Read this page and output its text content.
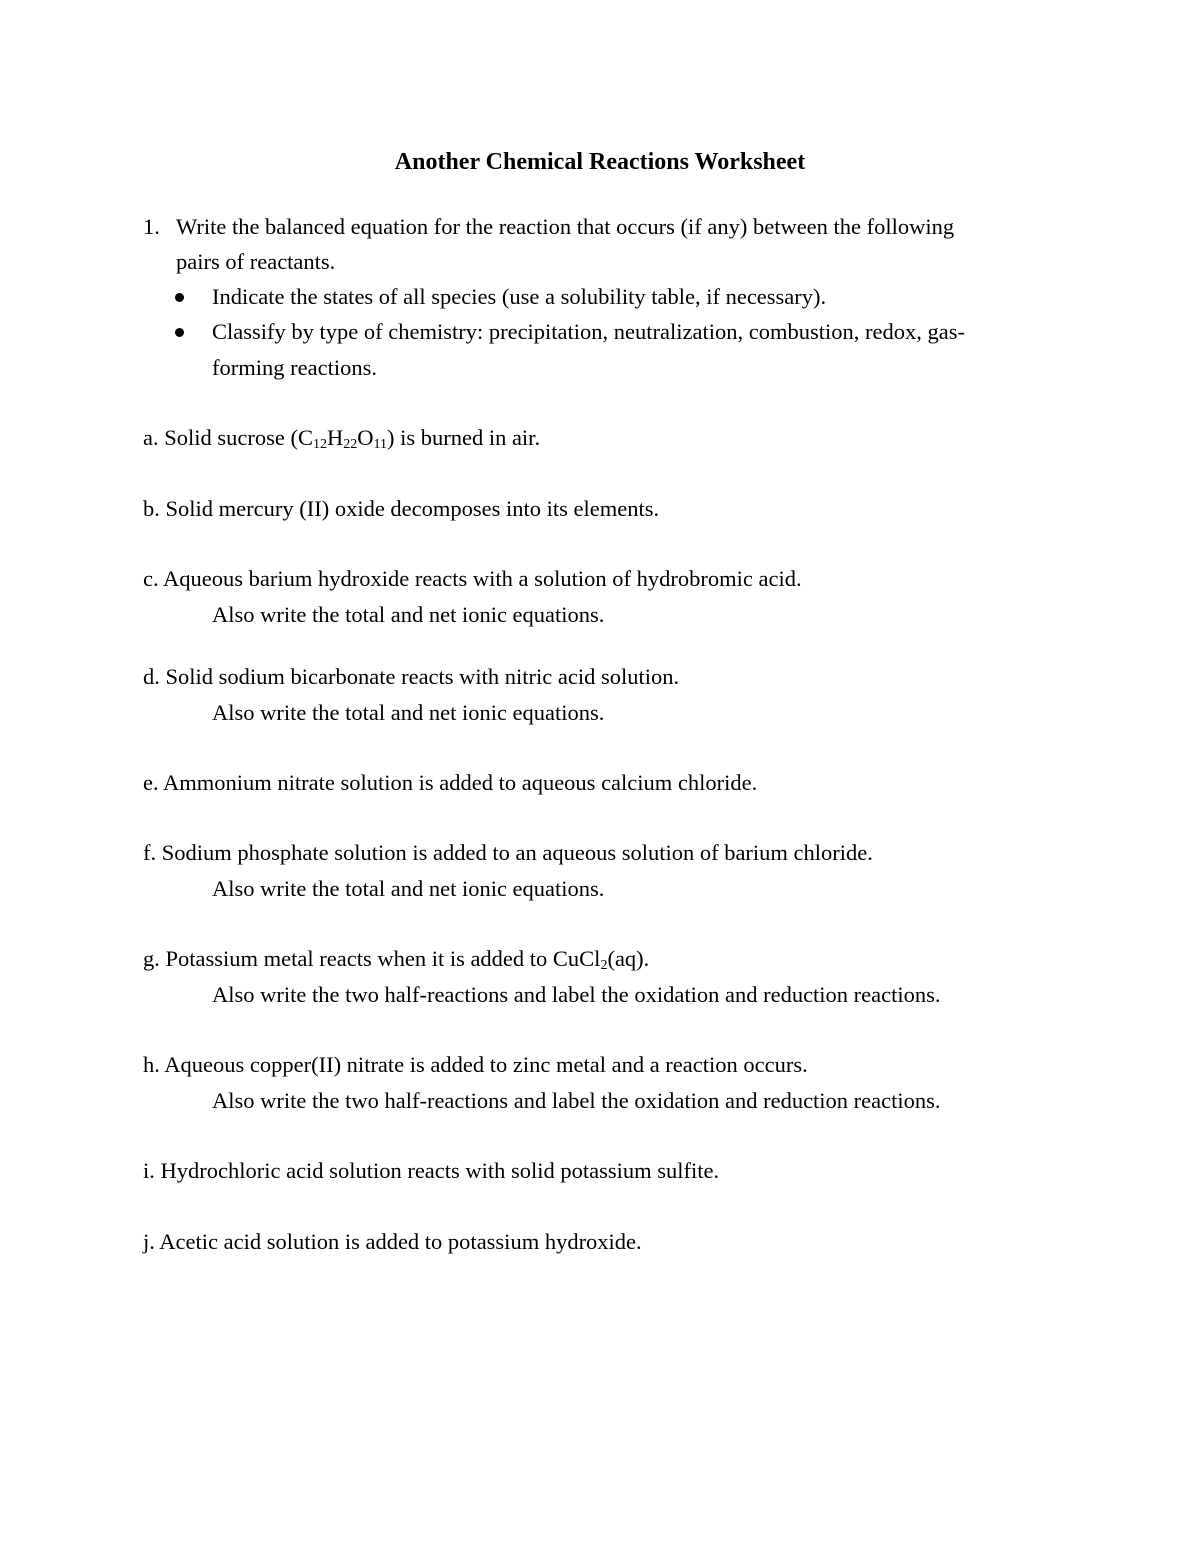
Another Chemical Reactions Worksheet
1. Write the balanced equation for the reaction that occurs (if any) between the following
pairs of reactants.
Indicate the states of all species (use a solubility table, if necessary).
Classify by type of chemistry: precipitation, neutralization, combustion, redox, gas-
forming reactions.
a. Solid sucrose $(C_{12}H_{22}O_{11})$ is burned in air.
b. Solid mercury (II) oxide decomposes into its elements.
c. Aqueous barium hydroxide reacts with a solution of hydrobromic acid.
Also write the total and net ionic equations.
d. Solid sodium bicarbonate reacts with nitric acid solution.
Also write the total and net ionic equations.
e. Ammonium nitrate solution is added to aqueous calcium chloride.
f. Sodium phosphate solution is added to an aqueous solution of barium chloride.
Also write the total and net ionic equations.
g. Potassium metal reacts when it is added to CuCl$_2$(aq).
Also write the two half-reactions and label the oxidation and reduction reactions.
h. Aqueous copper(II) nitrate is added to zinc metal and a reaction occurs.
Also write the two half-reactions and label the oxidation and reduction reactions.
i. Hydrochloric acid solution reacts with solid potassium sulfite.
j. Acetic acid solution is added to potassium hydroxide.
